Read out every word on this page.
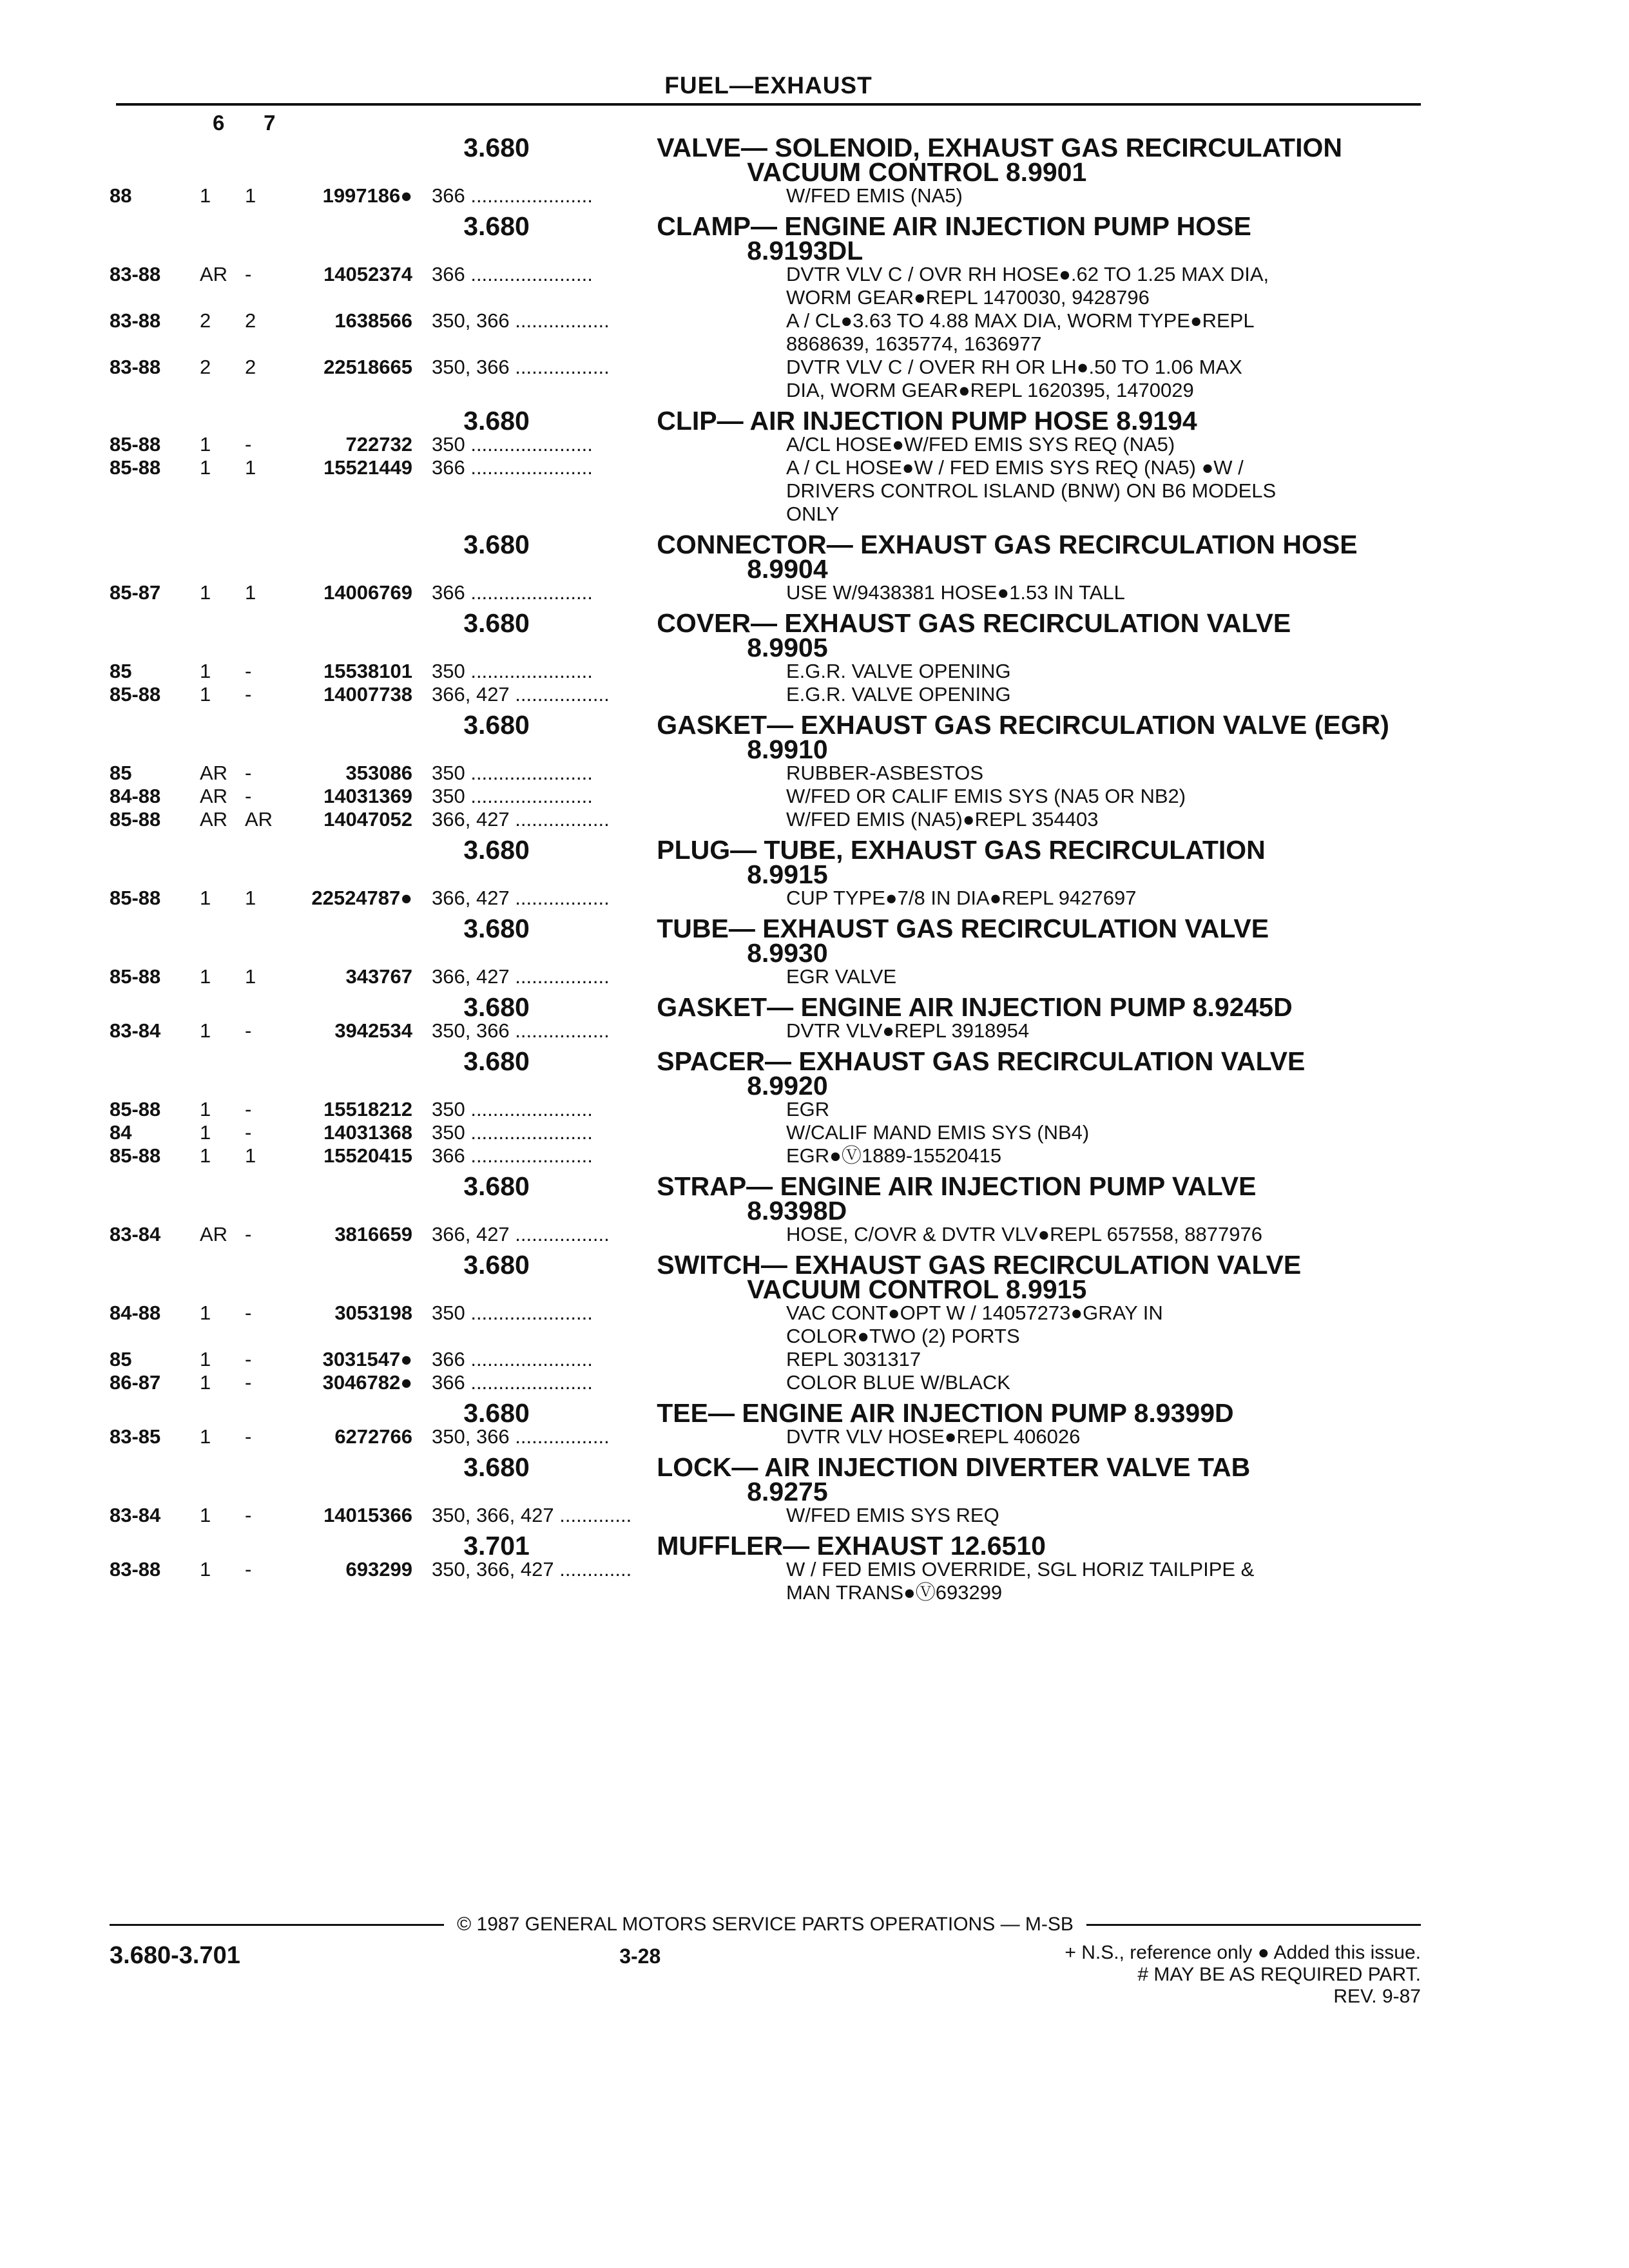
FUEL—EXHAUST
6 7
3.680	VALVE— SOLENOID, EXHAUST GAS RECIRCULATION
VACUUM CONTROL 8.9901
88	1	1	1997186● 366 ......................	W/FED EMIS (NA5)
3.680	CLAMP— ENGINE AIR INJECTION PUMP HOSE
8.9193DL
83-88	AR -	14052374 366 ......................	DVTR VLV C / OVR RH HOSE●.62 TO 1.25 MAX DIA,
WORM GEAR●REPL 1470030, 9428796
83-88	2	2	1638566 350, 366 .................	A / CL●3.63 TO 4.88 MAX DIA, WORM TYPE●REPL
8868639, 1635774, 1636977
83-88	2	2	22518665 350, 366 .................	DVTR VLV C / OVER RH OR LH●.50 TO 1.06 MAX
DIA, WORM GEAR●REPL 1620395, 1470029
3.680	CLIP— AIR INJECTION PUMP HOSE 8.9194
85-88	1	-	722732 350 ......................	A/CL HOSE●W/FED EMIS SYS REQ (NA5)
85-88	1	1	15521449 366 ......................	A / CL HOSE●W / FED EMIS SYS REQ (NA5) ●W /
DRIVERS CONTROL ISLAND (BNW) ON B6 MODELS
ONLY
3.680	CONNECTOR— EXHAUST GAS RECIRCULATION HOSE
8.9904
85-87	1	1	14006769 366 ......................	USE W/9438381 HOSE●1.53 IN TALL
3.680	COVER— EXHAUST GAS RECIRCULATION VALVE
8.9905
85	1	-	15538101 350 ......................	E.G.R. VALVE OPENING
85-88	1	-	14007738 366, 427 .................	E.G.R. VALVE OPENING
3.680	GASKET— EXHAUST GAS RECIRCULATION VALVE (EGR)
8.9910
85	AR -	353086 350 ......................	RUBBER-ASBESTOS
84-88	AR -	14031369 350 ......................	W/FED OR CALIF EMIS SYS (NA5 OR NB2)
85-88	AR AR	14047052 366, 427 .................	W/FED EMIS (NA5)●REPL 354403
3.680	PLUG— TUBE, EXHAUST GAS RECIRCULATION
8.9915
85-88	1	1	22524787● 366, 427 .................	CUP TYPE●7/8 IN DIA●REPL 9427697
3.680	TUBE— EXHAUST GAS RECIRCULATION VALVE
8.9930
85-88	1	1	343767 366, 427 .................	EGR VALVE
3.680	GASKET— ENGINE AIR INJECTION PUMP 8.9245D
83-84	1	-	3942534 350, 366 .................	DVTR VLV●REPL 3918954
3.680	SPACER— EXHAUST GAS RECIRCULATION VALVE
8.9920
85-88	1	-	15518212 350 ......................	EGR
84	1	-	14031368 350 ......................	W/CALIF MAND EMIS SYS (NB4)
85-88	1	1	15520415 366 ......................	EGR●Ⓥ1889-15520415
3.680	STRAP— ENGINE AIR INJECTION PUMP VALVE
8.9398D
83-84	AR -	3816659 366, 427 .................	HOSE, C/OVR & DVTR VLV●REPL 657558, 8877976
3.680	SWITCH— EXHAUST GAS RECIRCULATION VALVE
VACUUM CONTROL 8.9915
84-88	1	-	3053198 350 ......................	VAC CONT●OPT W / 14057273●GRAY IN
COLOR●TWO (2) PORTS
85	1	-	3031547● 366 ......................	REPL 3031317
86-87	1	-	3046782● 366 ......................	COLOR BLUE W/BLACK
3.680	TEE— ENGINE AIR INJECTION PUMP 8.9399D
83-85	1	-	6272766 350, 366 .................	DVTR VLV HOSE●REPL 406026
3.680	LOCK— AIR INJECTION DIVERTER VALVE TAB
8.9275
83-84	1	-	14015366 350, 366, 427 .............	W/FED EMIS SYS REQ
3.701	MUFFLER— EXHAUST 12.6510
83-88	1	-	693299 350, 366, 427 .............	W / FED EMIS OVERRIDE, SGL HORIZ TAILPIPE &
MAN TRANS●Ⓥ693299
© 1987 GENERAL MOTORS SERVICE PARTS OPERATIONS — M-SB
3.680-3.701	3-28	+ N.S., reference only ● Added this issue.
# MAY BE AS REQUIRED PART.
REV. 9-87
